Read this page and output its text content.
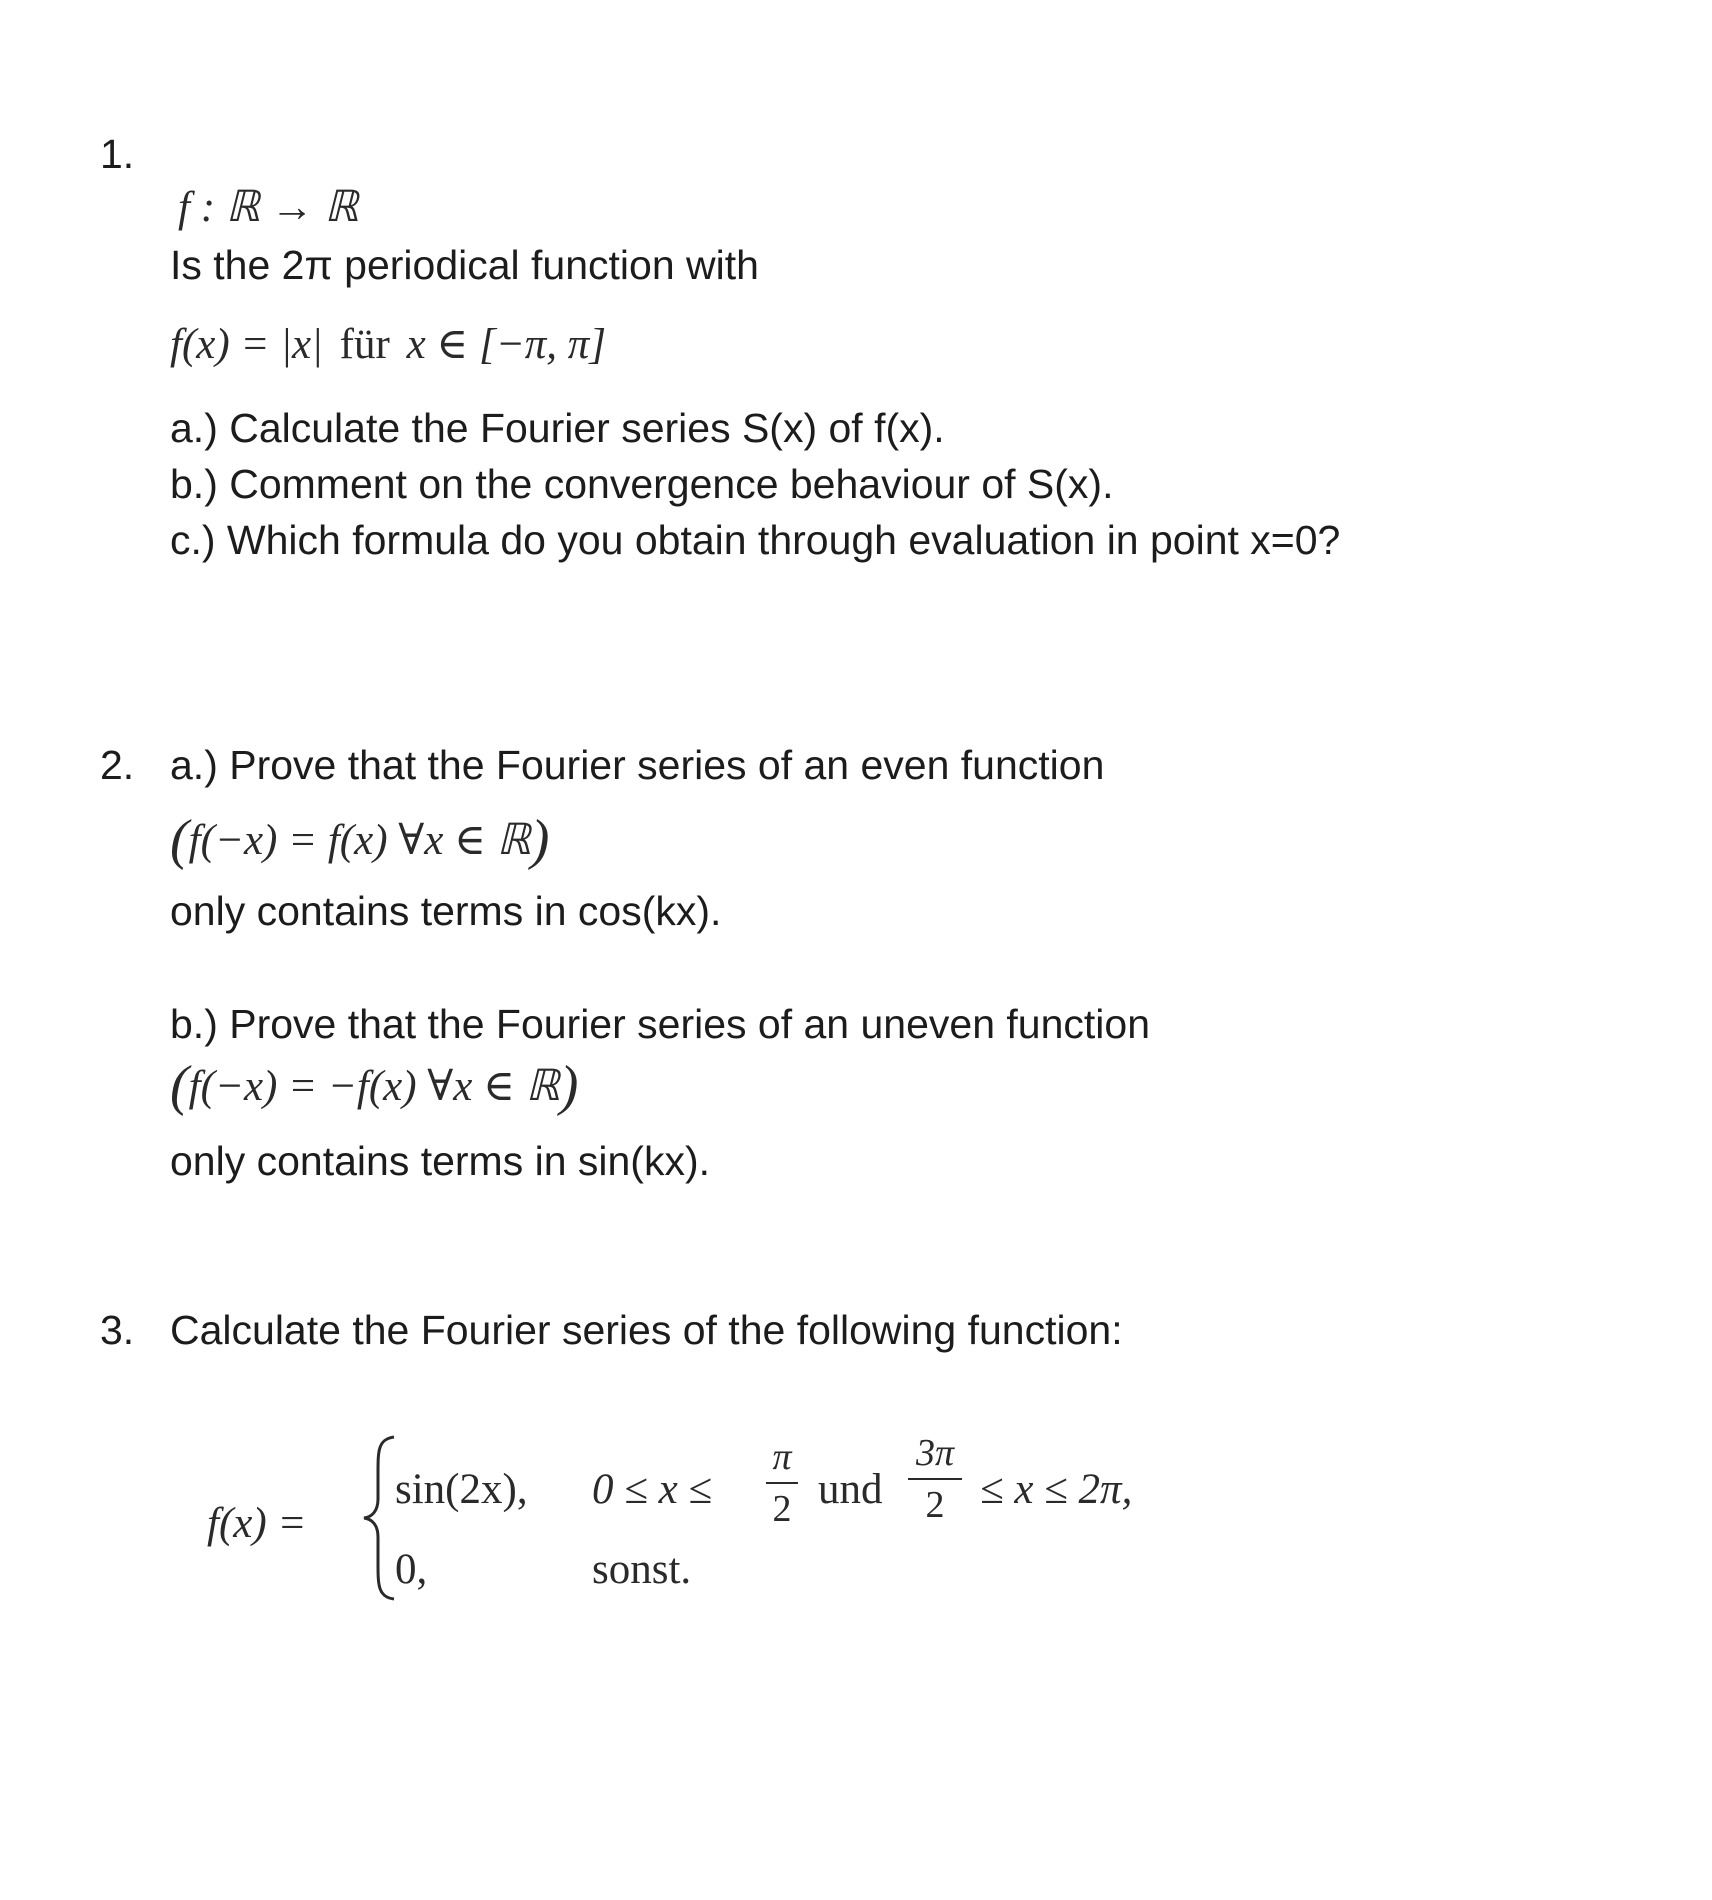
1.
f : ℝ → ℝ
Is the 2π periodical function with
f(x) = |x| für x ∈ [−π, π]
a.) Calculate the Fourier series S(x) of f(x).
b.) Comment on the convergence behaviour of S(x).
c.) Which formula do you obtain through evaluation in point x=0?
2. a.) Prove that the Fourier series of an even function
(f(−x) = f(x) ∀x ∈ ℝ)
only contains terms in cos(kx).
b.) Prove that the Fourier series of an uneven function
(f(−x) = −f(x) ∀x ∈ ℝ)
only contains terms in sin(kx).
3. Calculate the Fourier series of the following function:
f(x) =
sin(2x), 0 ≤ x ≤
π
2 und
3π
2 ≤ x ≤ 2π,
0,	sonst.
